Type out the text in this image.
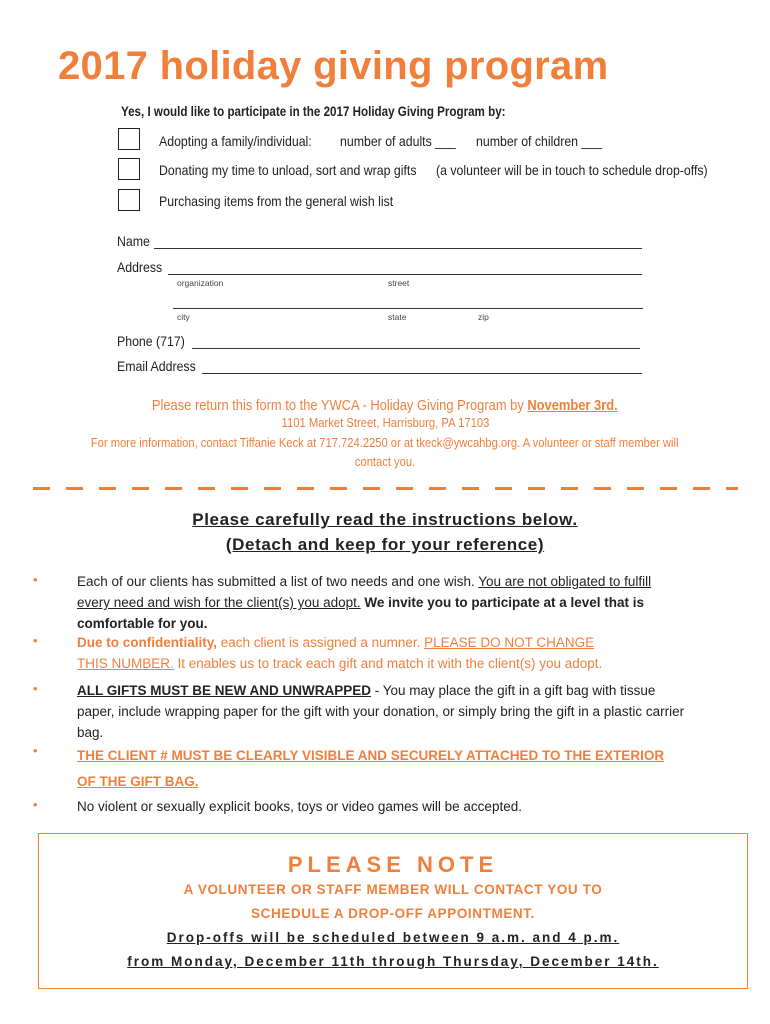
2017 holiday giving program
Yes, I would like to participate in the 2017 Holiday Giving Program by:
Adopting a family/individual: number of adults ___ number of children ___
Donating my time to unload, sort and wrap gifts (a volunteer will be in touch to schedule drop-offs)
Purchasing items from the general wish list
Name
Address
organization	street
city	state	zip
Phone (717)
Email Address
Please return this form to the YWCA - Holiday Giving Program by November 3rd.
1101 Market Street, Harrisburg, PA 17103
For more information, contact Tiffanie Keck at 717.724.2250 or at tkeck@ywcahbg.org. A volunteer or staff member will
contact you.
Please carefully read the instructions below.
(Detach and keep for your reference)
•	Each of our clients has submitted a list of two needs and one wish. You are not obligated to fulfill
every need and wish for the client(s) you adopt. We invite you to participate at a level that is
comfortable for you.
•	Due to confidentiality, each client is assigned a numner. PLEASE DO NOT CHANGE
THIS NUMBER. It enables us to track each gift and match it with the client(s) you adopt.
•	ALL GIFTS MUST BE NEW AND UNWRAPPED - You may place the gift in a gift bag with tissue
paper, include wrapping paper for the gift with your donation, or simply bring the gift in a plastic carrier
bag.
•	THE CLIENT # MUST BE CLEARLY VISIBLE AND SECURELY ATTACHED TO THE EXTERIOR
OF THE GIFT BAG.
•	No violent or sexually explicit books, toys or video games will be accepted.
PLEASE NOTE
A VOLUNTEER OR STAFF MEMBER WILL CONTACT YOU TO
SCHEDULE A DROP-OFF APPOINTMENT.
Drop-offs will be scheduled between 9 a.m. and 4 p.m.
from Monday, December 11th through Thursday, December 14th.
